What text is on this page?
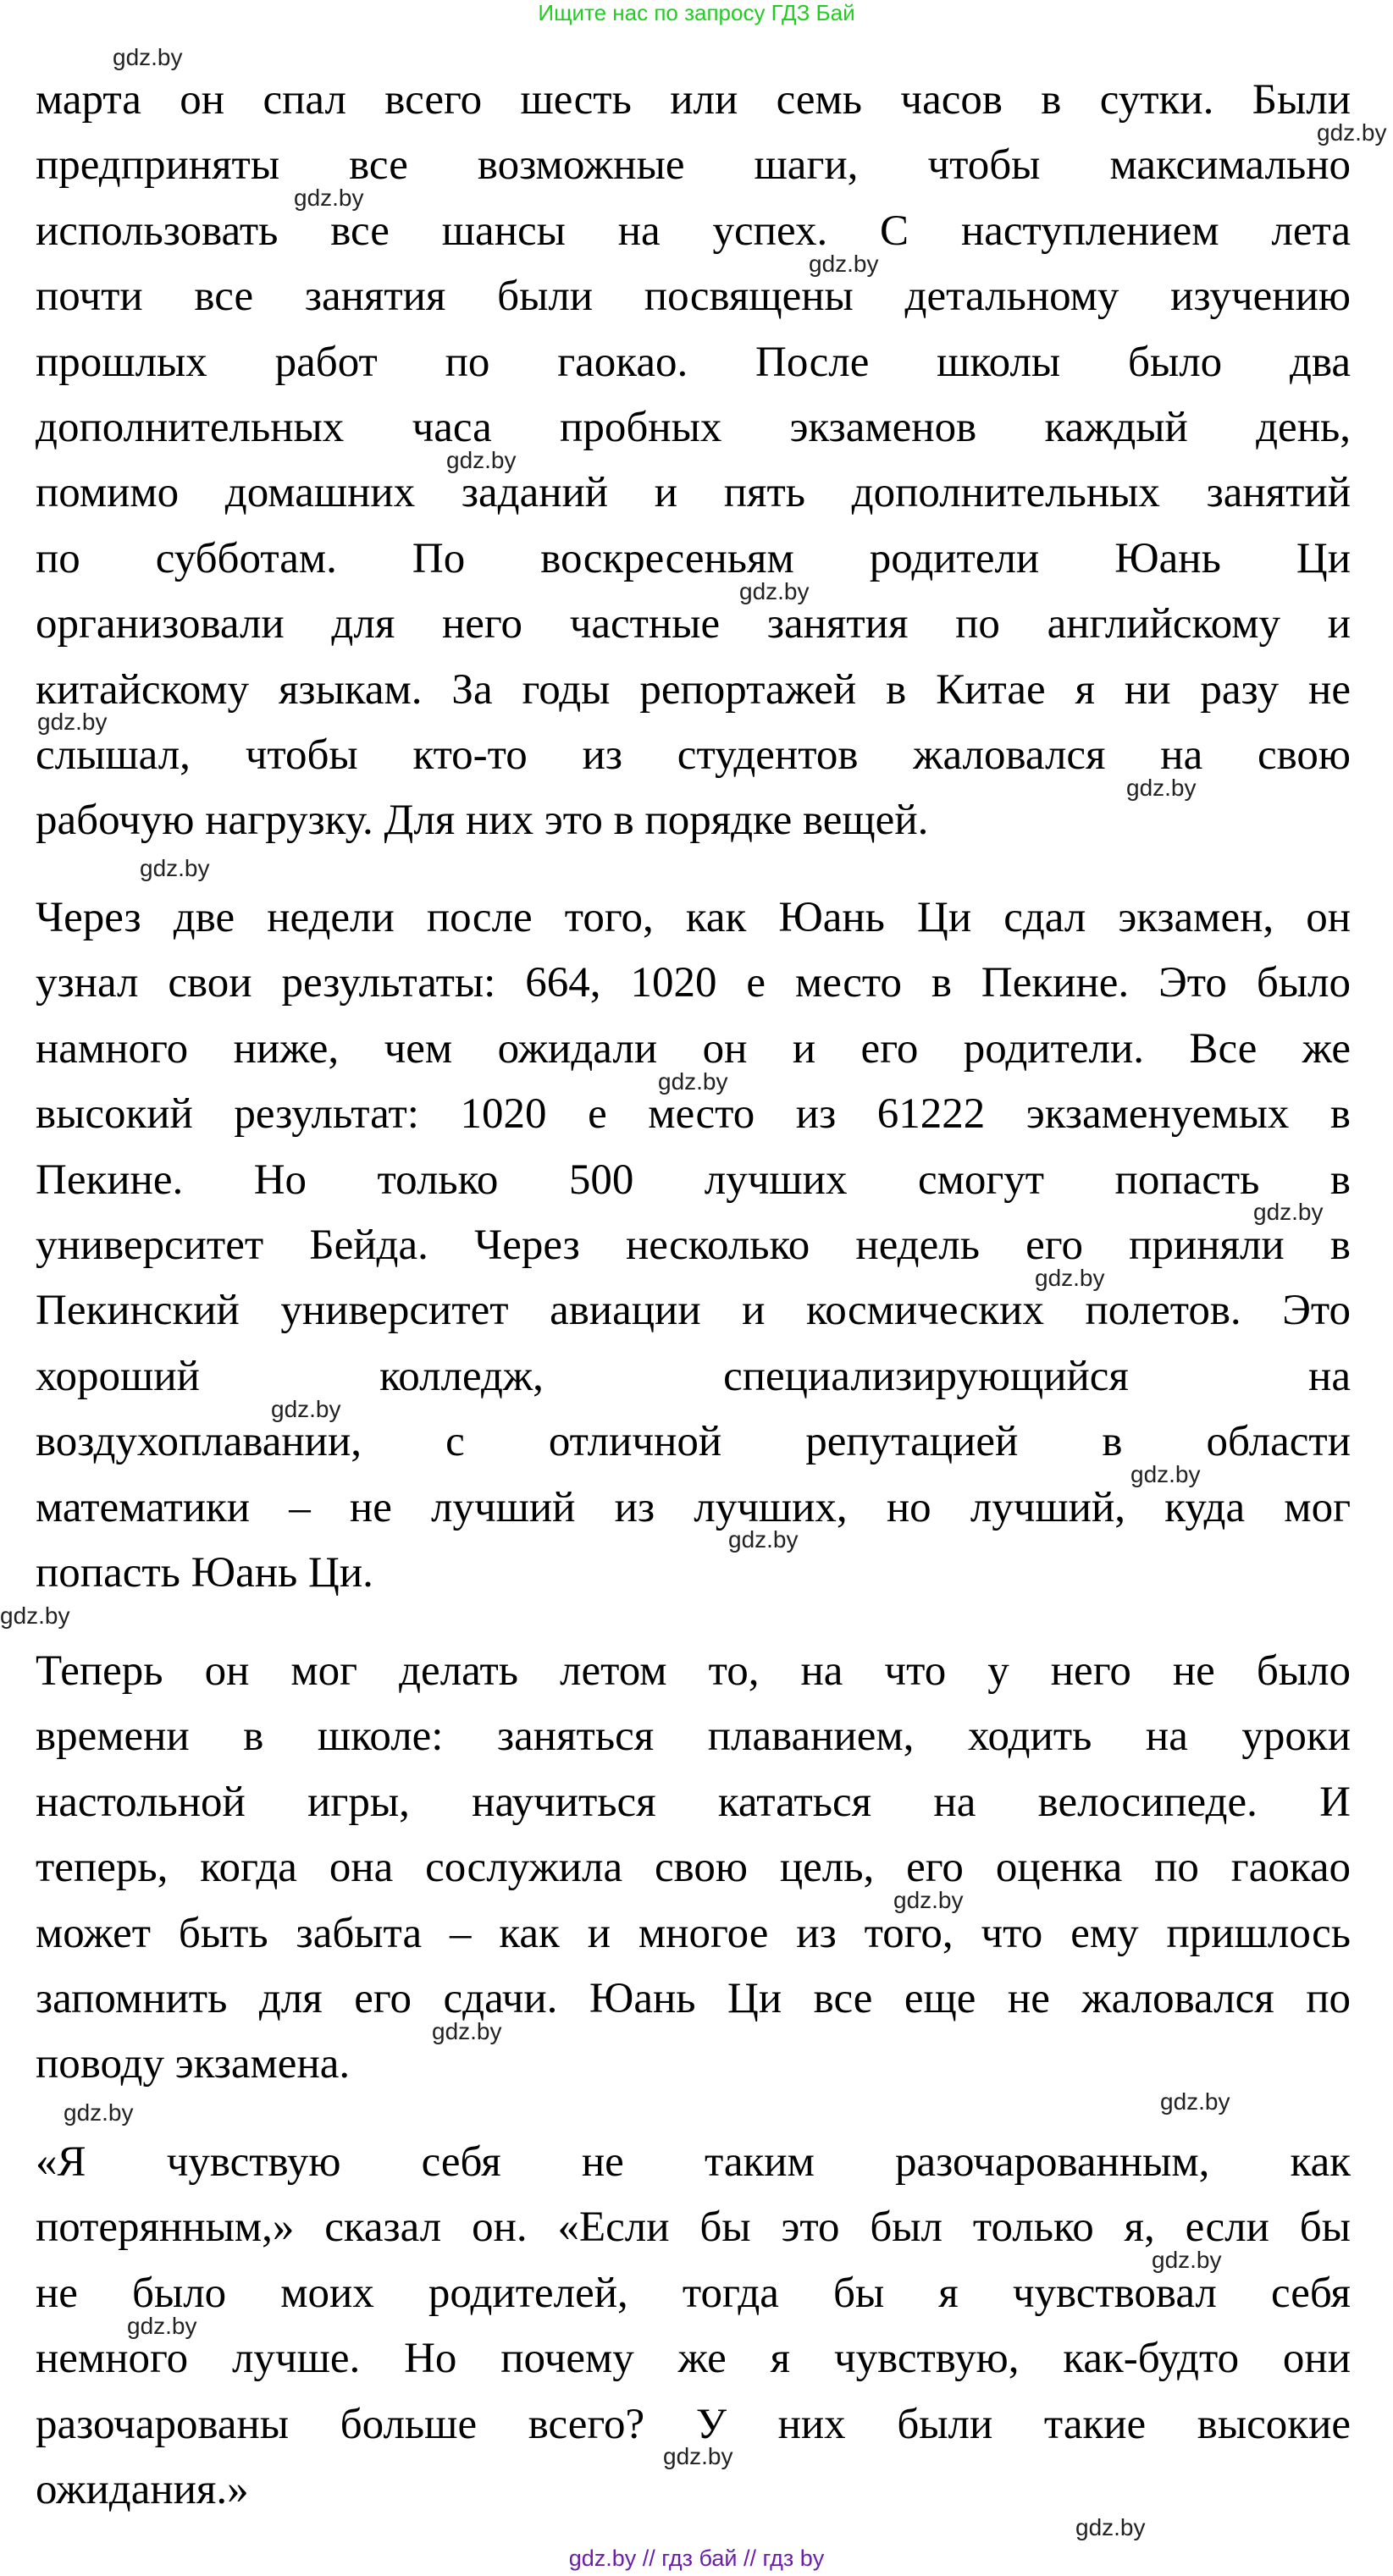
Ищите нас по запросу ГДЗ Бай
марта он спал всего шесть или семь часов в сутки. Были
предприняты все возможные шаги, чтобы максимально
использовать все шансы на успех. С наступлением лета
почти все занятия были посвящены детальному изучению
прошлых работ по гаокао. После школы было два
дополнительных часа пробных экзаменов каждый день,
помимо домашних заданий и пять дополнительных занятий
по субботам. По воскресеньям родители Юань Ци
организовали для него частные занятия по английскому и
китайскому языкам. За годы репортажей в Китае я ни разу не
слышал, чтобы кто-то из студентов жаловался на свою
рабочую нагрузку. Для них это в порядке вещей.
Через две недели после того, как Юань Ци сдал экзамен, он
узнал свои результаты: 664, 1020 е место в Пекине. Это было
намного ниже, чем ожидали он и его родители. Все же
высокий результат: 1020 е место из 61222 экзаменуемых в
Пекине. Но только 500 лучших смогут попасть в
университет Бейда. Через несколько недель его приняли в
Пекинский университет авиации и космических полетов. Это
хороший колледж, специализирующийся на
воздухоплавании, с отличной репутацией в области
математики – не лучший из лучших, но лучший, куда мог
попасть Юань Ци.
Теперь он мог делать летом то, на что у него не было
времени в школе: заняться плаванием, ходить на уроки
настольной игры, научиться кататься на велосипеде. И
теперь, когда она сослужила свою цель, его оценка по гаокао
может быть забыта – как и многое из того, что ему пришлось
запомнить для его сдачи. Юань Ци все еще не жаловался по
поводу экзамена.
«Я чувствую себя не таким разочарованным, как
потерянным,» сказал он. «Если бы это был только я, если бы
не было моих родителей, тогда бы я чувствовал себя
немного лучше. Но почему же я чувствую, как-будто они
разочарованы больше всего? У них были такие высокие
ожидания.»
gdz.by
gdz.by
gdz.by
gdz.by
gdz.by
gdz.by
gdz.by
gdz.by
gdz.by
gdz.by
gdz.by
gdz.by
gdz.by
gdz.by
gdz.by
gdz.by
gdz.by
gdz.by
gdz.by
gdz.by
gdz.by
gdz.by
gdz.by
gdz.by
gdz.by // гдз бай // гдз by
